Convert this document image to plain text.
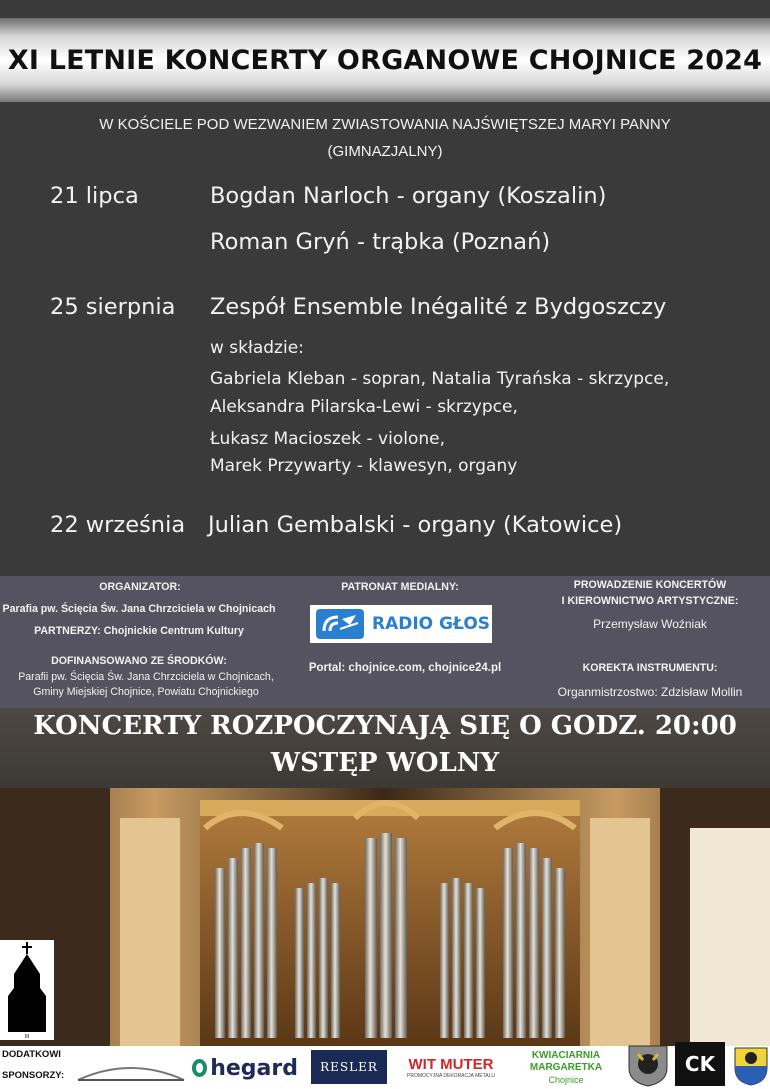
XI LETNIE KONCERTY ORGANOWE CHOJNICE 2024
W KOŚCIELE POD WEZWANIEM ZWIASTOWANIA NAJŚWIĘTSZEJ MARYI PANNY
(GIMNAZJALNY)
21 lipca	Bogdan Narloch - organy (Koszalin)
Roman Gryń - trąbka (Poznań)
25 sierpnia Zespół Ensemble Inégalité z Bydgoszczy
w składzie:
Gabriela Kleban - sopran, Natalia Tyrańska - skrzypce,
Aleksandra Pilarska-Lewi - skrzypce,
Łukasz Macioszek - violone,
Marek Przywarty - klawesyn, organy
22 września Julian Gembalski - organy (Katowice)
ORGANIZATOR:
Parafia pw. Ścięcia Św. Jana Chrzciciela w Chojnicach
PARTNERZY: Chojnickie Centrum Kultury
DOFINANSOWANO ZE ŚRODKÓW:
Parafii pw. Ścięcia Św. Jana Chrzciciela w Chojnicach,
Gminy Miejskiej Chojnice, Powiatu Chojnickiego
PATRONAT MEDIALNY:
RADIO GŁOS
Portal: chojnice.com, chojnice24.pl
PROWADZENIE KONCERTÓW
I KIEROWNICTWO ARTYSTYCZNE:
Przemysław Woźniak
KOREKTA INSTRUMENTU:
Organmistrzostwo: Zdzisław Mollin
KONCERTY ROZPOCZYNAJĄ SIĘ O GODZ. 20:00
WSTĘP WOLNY
III
DODATKOWI
SPONSORZY:	hegard RESLER WIT MUTER
PROMOCYJNA DEKORACJA METALU
KWIACIARNIA
MARGARETKA
Chojnice
CK
